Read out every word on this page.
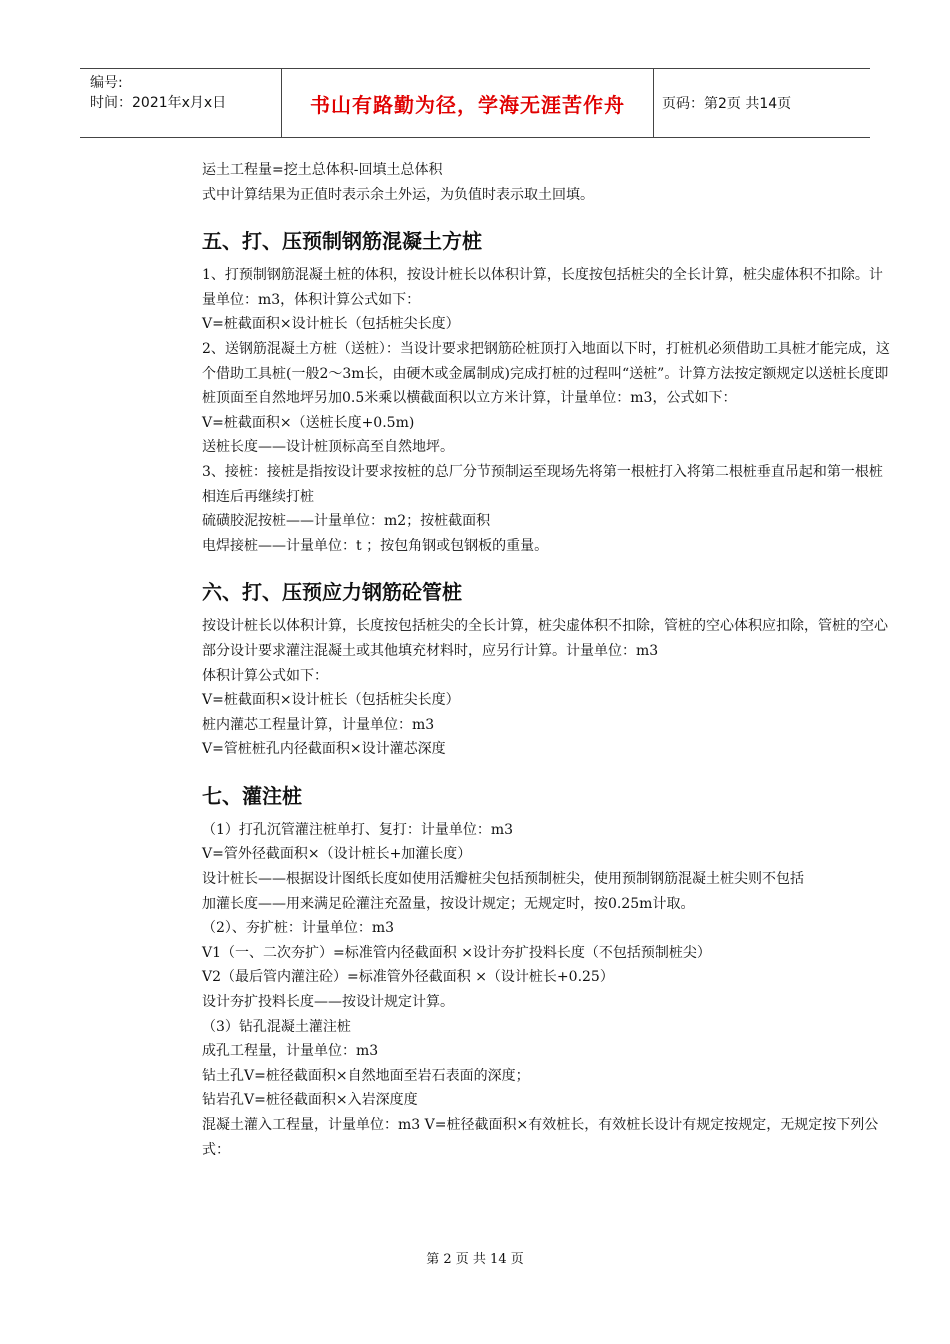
编号:
时间：2021年x月x日	书山有路勤为径，学海无涯苦作舟	页码：第2页 共14页
运土工程量=挖土总体积-回填土总体积
式中计算结果为正值时表示余土外运，为负值时表示取土回填。
五、打、压预制钢筋混凝土方桩
1、打预制钢筋混凝土桩的体积，按设计桩长以体积计算，长度按包括桩尖的全长计算，桩尖虚体积不扣除。计量单位：m3，体积计算公式如下：
V=桩截面积×设计桩长（包括桩尖长度）
2、送钢筋混凝土方桩（送桩）：当设计要求把钢筋砼桩顶打入地面以下时，打桩机必须借助工具桩才能完成，这个借助工具桩(一般2～3m长，由硬木或金属制成)完成打桩的过程叫“送桩”。计算方法按定额规定以送桩长度即桩顶面至自然地坪另加0.5米乘以横截面积以立方米计算，计量单位：m3，公式如下：
V=桩截面积×（送桩长度+0.5m)
送桩长度——设计桩顶标高至自然地坪。
3、接桩：接桩是指按设计要求按桩的总厂分节预制运至现场先将第一根桩打入将第二根桩垂直吊起和第一根桩相连后再继续打桩
硫磺胶泥按桩——计量单位：m2；按桩截面积
电焊接桩——计量单位：t ；按包角钢或包钢板的重量。
六、打、压预应力钢筋砼管桩
按设计桩长以体积计算，长度按包括桩尖的全长计算，桩尖虚体积不扣除，管桩的空心体积应扣除，管桩的空心部分设计要求灌注混凝土或其他填充材料时，应另行计算。计量单位：m3
体积计算公式如下：
V=桩截面积×设计桩长（包括桩尖长度）
桩内灌芯工程量计算，计量单位：m3
V=管桩桩孔内径截面积×设计灌芯深度
七、灌注桩
（1）打孔沉管灌注桩单打、复打：计量单位：m3
V=管外径截面积×（设计桩长+加灌长度）
设计桩长——根据设计图纸长度如使用活瓣桩尖包括预制桩尖，使用预制钢筋混凝土桩尖则不包括
加灌长度——用来满足砼灌注充盈量，按设计规定；无规定时，按0.25m计取。
（2）、夯扩桩：计量单位：m3
V1（一、二次夯扩）=标准管内径截面积 ×设计夯扩投料长度（不包括预制桩尖）
V2（最后管内灌注砼）=标准管外径截面积 ×（设计桩长+0.25）
设计夯扩投料长度——按设计规定计算。
（3）钻孔混凝土灌注桩
成孔工程量，计量单位：m3
钻土孔V=桩径截面积×自然地面至岩石表面的深度；
钻岩孔V=桩径截面积×入岩深度度
混凝土灌入工程量，计量单位：m3 V=桩径截面积×有效桩长，有效桩长设计有规定按规定，无规定按下列公式：
第 2 页 共 14 页
